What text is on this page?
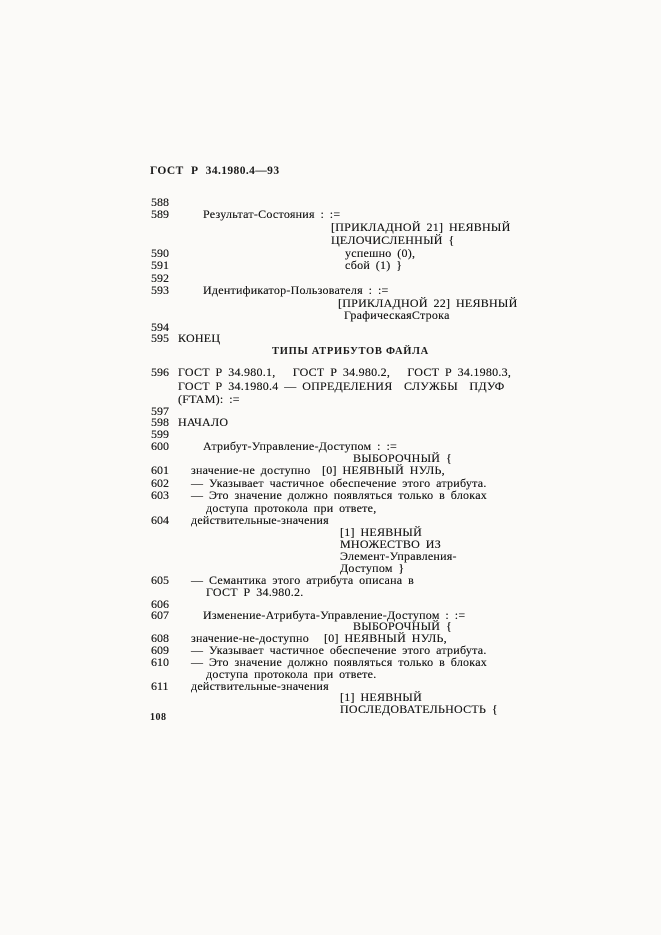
ГОСТ Р 34.1980.4—93
ТИПЫ АТРИБУТОВ ФАЙЛА
588
589	Результат-Состояния : :=
[ПРИКЛАДНОЙ 21] НЕЯВНЫЙ
ЦЕЛОЧИСЛЕННЫЙ {
590	успешно (0),
591	сбой (1) }
592
593	Идентификатор-Пользователя : :=
[ПРИКЛАДНОЙ 22] НЕЯВНЫЙ
ГрафическаяСтрока
594
595 КОНЕЦ
596 ГОСТ Р 34.980.1,   ГОСТ Р 34.980.2,   ГОСТ Р 34.1980.3,
ГОСТ Р 34.1980.4 — ОПРЕДЕЛЕНИЯ  СЛУЖБЫ  ПДУФ
(FTAM): :=
597
598 НАЧАЛО
599
600	Атрибут-Управление-Доступом : :=
ВЫБОРОЧНЫЙ {
601 значение-не доступно [0] НЕЯВНЫЙ НУЛЬ,
602 — Указывает частичное обеспечение этого атрибута.
603 — Это значение должно появляться только в блоках
доступа протокола при ответе,
604 действительные-значения
[1] НЕЯВНЫЙ
МНОЖЕСТВО ИЗ
Элемент-Управления-
Доступом }
605 — Семантика этого атрибута описана в
ГОСТ Р 34.980.2.
606
607	Изменение-Атрибута-Управление-Доступом : :=
ВЫБОРОЧНЫЙ {
608 значение-не-доступно [0] НЕЯВНЫЙ НУЛЬ,
609 — Указывает частичное обеспечение этого атрибута.
610 — Это значение должно появляться только в блоках
доступа протокола при ответе.
611 действительные-значения
[1] НЕЯВНЫЙ
ПОСЛЕДОВАТЕЛЬНОСТЬ {
108
